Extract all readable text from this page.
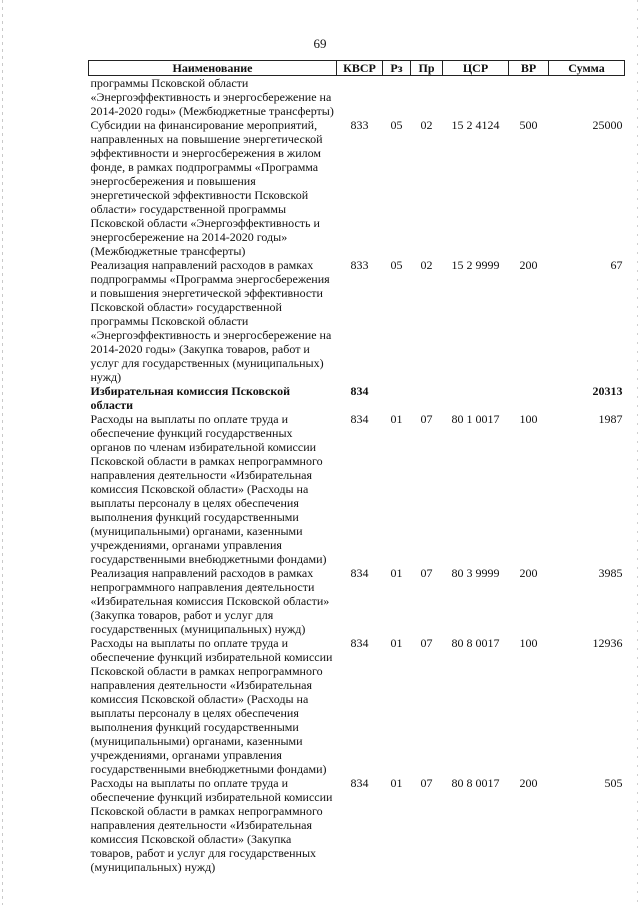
69
Наименование	КВСР	Рз	Пр	ЦСР	ВР	Сумма
программы Псковской области «Энергоэффективность и энергосбережение на 2014-2020 годы» (Межбюджетные трансферты)						
Субсидии на финансирование мероприятий, направленных на повышение энергетической эффективности и энергосбережения в жилом фонде, в рамках подпрограммы «Программа энергосбережения и повышения энергетической эффективности Псковской области» государственной программы Псковской области «Энергоэффективность и энергосбережение на 2014-2020 годы» (Межбюджетные трансферты)	833	05	02	15 2 4124	500	25000
Реализация направлений расходов в рамках подпрограммы «Программа энергосбережения и повышения энергетической эффективности Псковской области» государственной программы Псковской области «Энергоэффективность и энергосбережение на 2014-2020 годы» (Закупка товаров, работ и услуг для государственных (муниципальных) нужд)	833	05	02	15 2 9999	200	67
Избирательная комиссия Псковской области	834					20313
Расходы на выплаты по оплате труда и обеспечение функций государственных органов по членам избирательной комиссии Псковской области в рамках непрограммного направления деятельности «Избирательная комиссия Псковской области» (Расходы на выплаты персоналу в целях обеспечения выполнения функций государственными (муниципальными) органами, казенными учреждениями, органами управления государственными внебюджетными фондами)	834	01	07	80 1 0017	100	1987
Реализация направлений расходов в рамках непрограммного направления деятельности «Избирательная комиссия Псковской области» (Закупка товаров, работ и услуг для государственных (муниципальных) нужд)	834	01	07	80 3 9999	200	3985
Расходы на выплаты по оплате труда и обеспечение функций избирательной комиссии Псковской области в рамках непрограммного направления деятельности «Избирательная комиссия Псковской области» (Расходы на выплаты персоналу в целях обеспечения выполнения функций государственными (муниципальными) органами, казенными учреждениями, органами управления государственными внебюджетными фондами)	834	01	07	80 8 0017	100	12936
Расходы на выплаты по оплате труда и обеспечение функций избирательной комиссии Псковской области в рамках непрограммного направления деятельности «Избирательная комиссия Псковской области» (Закупка товаров, работ и услуг для государственных (муниципальных) нужд)	834	01	07	80 8 0017	200	505
